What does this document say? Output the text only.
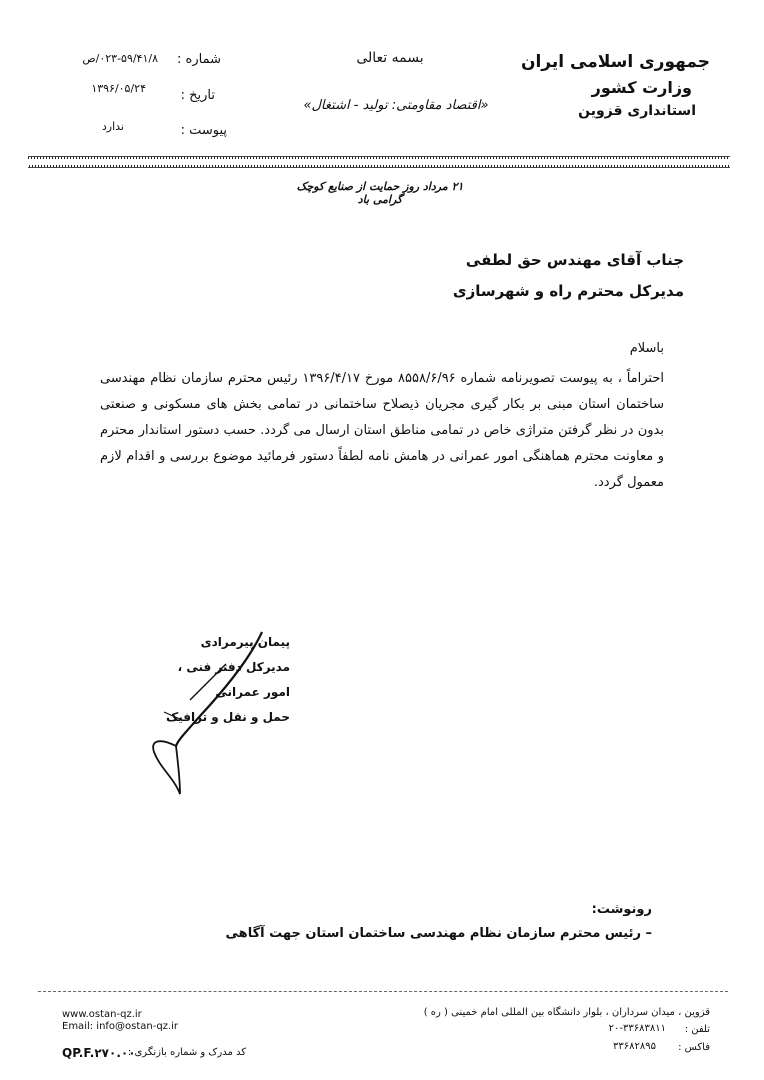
جمهوری اسلامی ایران
وزارت کشور
استانداری قزوین
بسمه تعالی
«اقتصاد مقاومتی: تولید - اشتغال»
شماره :
۰۲۳-۵۹/۴۱/۸/ص
تاریخ :
۱۳۹۶/۰۵/۲۴
پیوست :
ندارد
۲۱ مرداد روز حمایت از صنایع کوچک گرامی باد
جناب آقای مهندس حق لطفی
مدیرکل محترم راه و شهرسازی
باسلام
احتراماً ، به پیوست تصویرنامه شماره ۸۵۵۸/۶/۹۶ مورخ ۱۳۹۶/۴/۱۷ رئیس محترم سازمان نظام مهندسی ساختمان استان مبنی بر بکار گیری مجریان ذیصلاح ساختمانی در تمامی بخش های مسکونی و صنعتی بدون در نظر گرفتن متراژی خاص در تمامی مناطق استان ارسال می گردد. حسب دستور استاندار محترم و معاونت محترم هماهنگی امور عمرانی در هامش نامه لطفاً دستور فرمائید موضوع بررسی و اقدام لازم معمول گردد.
پیمان پیرمرادی
مدیرکل دفتر فنی ، امور عمرانی
حمل و نقل و ترافیک
رونوشت:
– رئیس محترم سازمان نظام مهندسی ساختمان استان جهت آگاهی
قزوین ، میدان سرداران ، بلوار دانشگاه بین المللی امام خمینی ( ره )
تلفن :
۲۰-۳۳۶۸۳۸۱۱
فاکس :
۳۳۶۸۲۸۹۵
www.ostan-qz.ir
Email: info@ostan-qz.ir
کد مدرک و شماره بازنگری :
QP.F.۲۷۰.۰۰
